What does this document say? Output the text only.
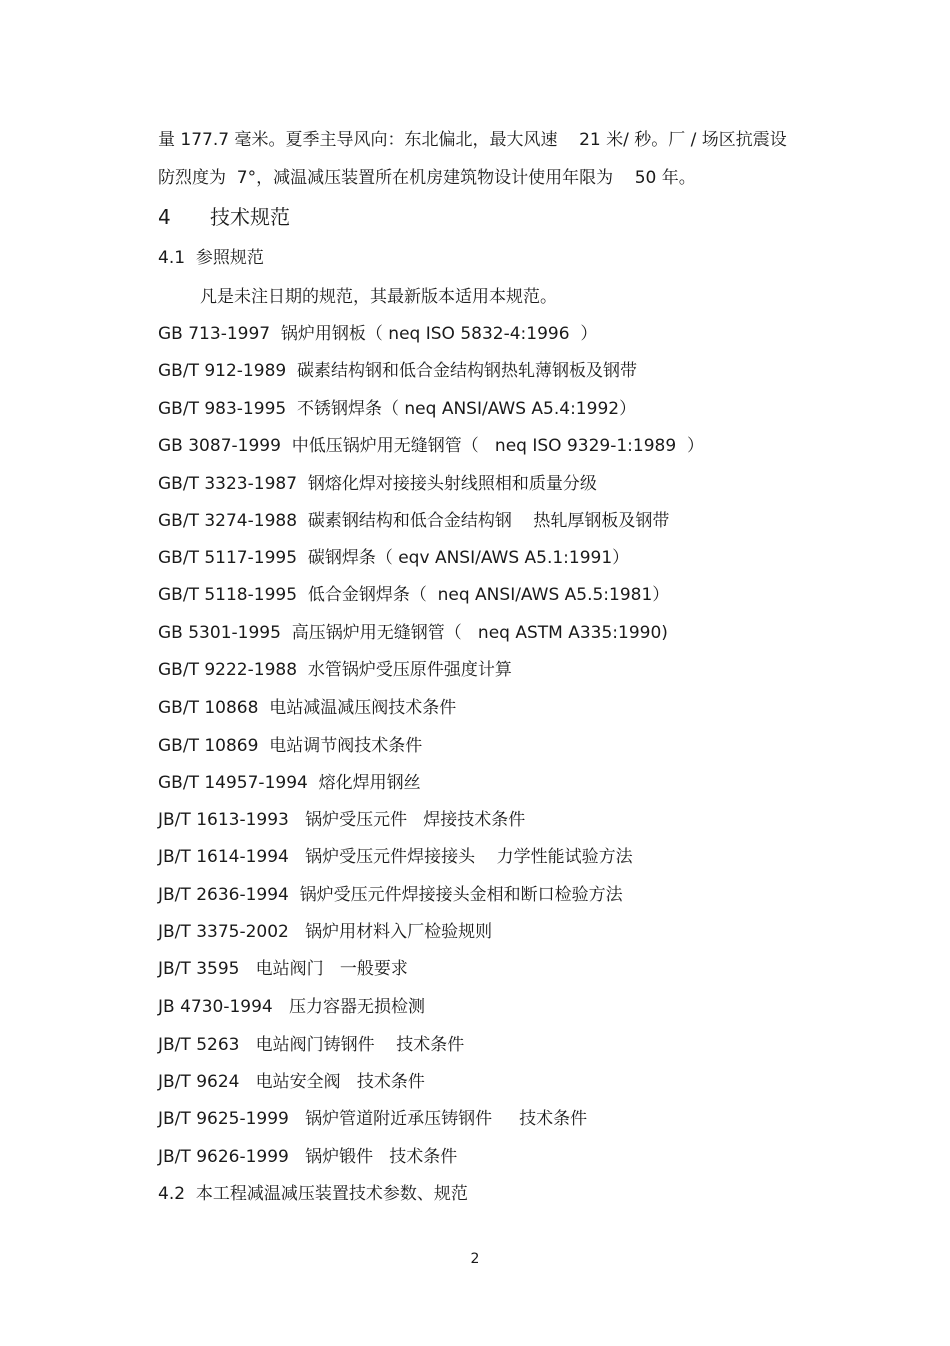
量 177.7 毫米。夏季主导风向：东北偏北，最大风速    21 米/ 秒。厂 / 场区抗震设
防烈度为  7°，减温减压装置所在机房建筑物设计使用年限为    50 年。
4 技术规范
4.1  参照规范
凡是未注日期的规范，其最新版本适用本规范。
GB 713-1997  锅炉用钢板（ neq ISO 5832-4:1996  ）
GB/T 912-1989  碳素结构钢和低合金结构钢热轧薄钢板及钢带
GB/T 983-1995  不锈钢焊条（ neq ANSI/AWS A5.4:1992）
GB 3087-1999  中低压锅炉用无缝钢管（   neq ISO 9329-1:1989  ）
GB/T 3323-1987  钢熔化焊对接接头射线照相和质量分级
GB/T 3274-1988  碳素钢结构和低合金结构钢    热轧厚钢板及钢带
GB/T 5117-1995  碳钢焊条（ eqv ANSI/AWS A5.1:1991）
GB/T 5118-1995  低合金钢焊条（  neq ANSI/AWS A5.5:1981）
GB 5301-1995  高压锅炉用无缝钢管（   neq ASTM A335:1990)
GB/T 9222-1988  水管锅炉受压原件强度计算
GB/T 10868  电站减温减压阀技术条件
GB/T 10869  电站调节阀技术条件
GB/T 14957-1994  熔化焊用钢丝
JB/T 1613-1993   锅炉受压元件   焊接技术条件
JB/T 1614-1994   锅炉受压元件焊接接头    力学性能试验方法
JB/T 2636-1994  锅炉受压元件焊接接头金相和断口检验方法
JB/T 3375-2002   锅炉用材料入厂检验规则
JB/T 3595   电站阀门   一般要求
JB 4730-1994   压力容器无损检测
JB/T 5263   电站阀门铸钢件    技术条件
JB/T 9624   电站安全阀   技术条件
JB/T 9625-1999   锅炉管道附近承压铸钢件     技术条件
JB/T 9626-1999   锅炉锻件   技术条件
4.2  本工程减温减压装置技术参数、规范
2
